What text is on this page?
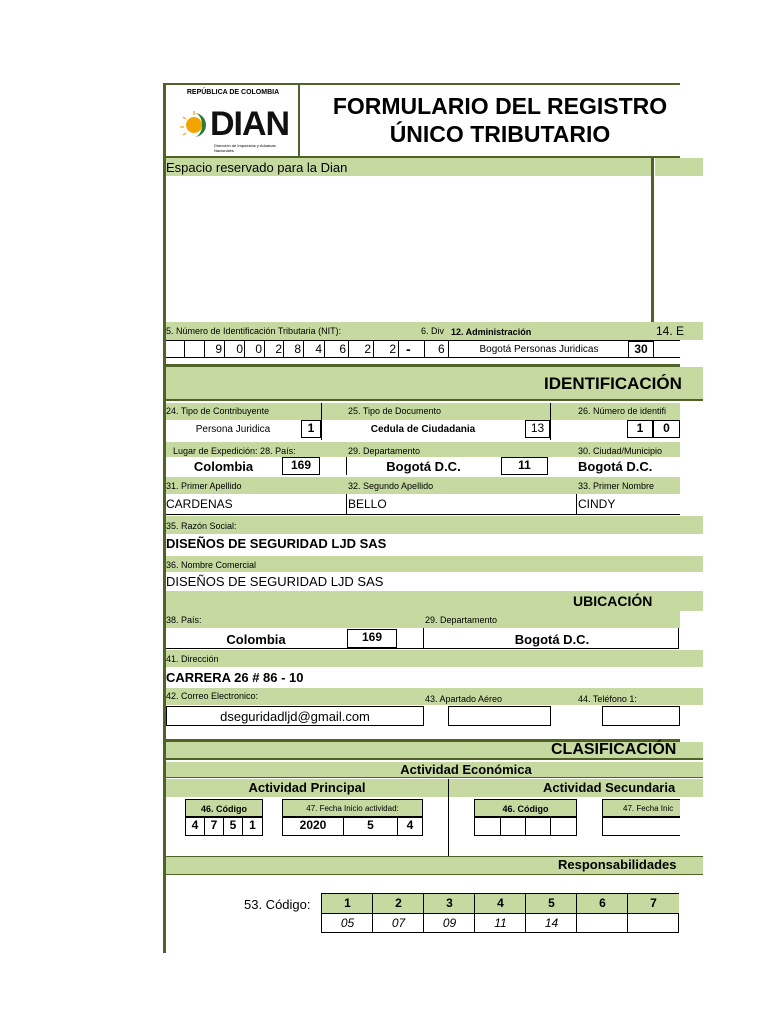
REPÚBLICA DE COLOMBIA
DIAN
Dirección de Impuestos y Aduanas Nacionales
FORMULARIO DEL REGISTRO
ÚNICO TRIBUTARIO
Espacio reservado para la Dian
5. Número de Identificación Tributaria (NIT):	6. Div 12. Administración	14. E
9 0 0 2 8 4 6 2 2 - 6	Bogotá Personas Juridicas	30
IDENTIFICACIÓN
24. Tipo de Contribuyente	25. Tipo de Documento	26. Número de identifi
Persona Juridica	1	Cedula de Ciudadania	13	1	0
Lugar de Expedición: 28. País:	29. Departamento	30. Ciudad/Municipio
Colombia	169	Bogotá D.C.	11	Bogotá D.C.
31. Primer Apellido	32. Segundo Apellido	33. Primer Nombre
CARDENAS	BELLO	CINDY
35. Razón Social:
DISEÑOS DE SEGURIDAD LJD SAS
36. Nombre Comercial
DISEÑOS DE SEGURIDAD LJD SAS
UBICACIÓN
38. País:	29. Departamento
Colombia	169	Bogotá D.C.
41. Dirección
CARRERA 26 # 86 - 10
42. Correo Electronico:	43. Apartado Aéreo	44. Teléfono 1:
dseguridadljd@gmail.com
CLASIFICACIÓN
Actividad Económica
Actividad Principal	Actividad Secundaria
46. Código	47. Fecha Inicio actividad:
4	7	5	1	2020	5	4
46. Código	47. Fecha Inic
Responsabilidades
53. Código:	1	2	3	4	5	6	7
05	07	09	11	14
